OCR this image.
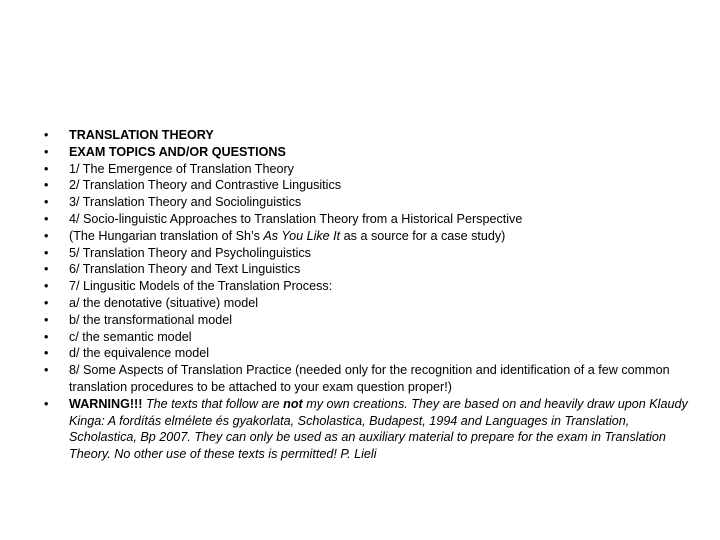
• TRANSLATION THEORY
• EXAM TOPICS AND/OR QUESTIONS
• 1/ The Emergence of Translation Theory
• 2/ Translation Theory and Contrastive Lingusitics
• 3/ Translation Theory and Sociolinguistics
• 4/ Socio-linguistic Approaches to Translation Theory from a Historical Perspective
• (The Hungarian translation of Sh’s As You Like It as a source for a case study)
• 5/ Translation Theory and Psycholinguistics
• 6/ Translation Theory and Text Linguistics
• 7/ Lingusitic Models of the Translation Process:
• a/ the denotative (situative) model
• b/ the transformational model
• c/ the semantic model
• d/ the equivalence model
• 8/ Some Aspects of Translation Practice (needed only for the recognition and identification of a few common translation procedures to be attached to your exam question proper!)
• WARNING!!! The texts that follow are not my own creations. They are based on and heavily draw upon Klaudy Kinga: A fordítás elmélete és gyakorlata, Scholastica, Budapest, 1994 and Languages in Translation, Scholastica, Bp 2007. They can only be used as an auxiliary material to prepare for the exam in Translation Theory. No other use of these texts is permitted! P. Lieli
